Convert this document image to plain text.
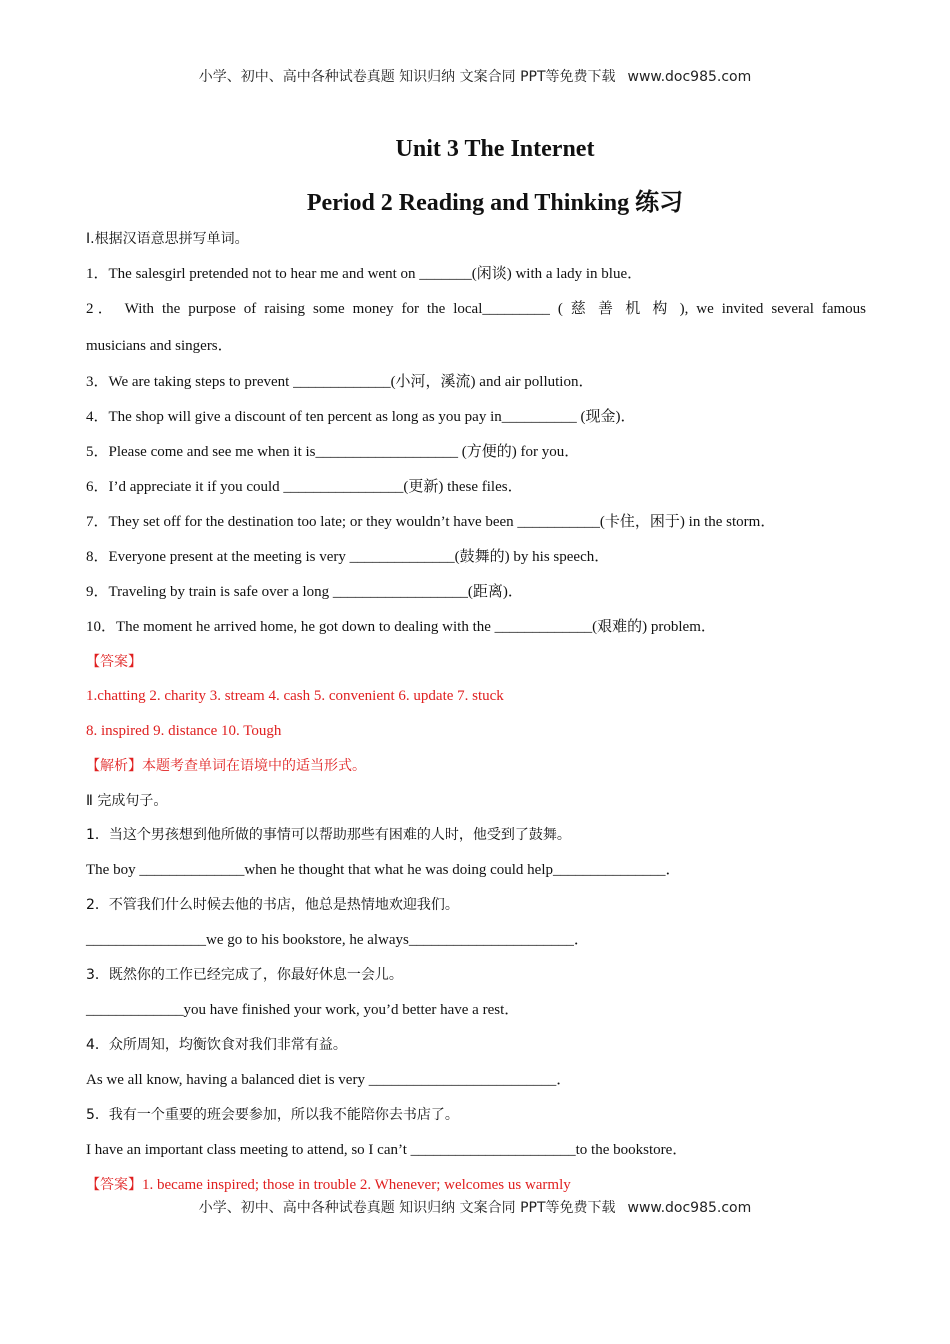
小学、初中、高中各种试卷真题 知识归纳 文案合同 PPT等免费下载 www.doc985.com
Unit 3 The Internet
Period 2 Reading and Thinking 练习
I.根据汉语意思拼写单词。
1．The salesgirl pretended not to hear me and went on _______(闲谈) with a lady in blue．
2． With the purpose of raising some money for the local_________ ( 慈 善 机 构 ), we invited several famous
musicians and singers．
3．We are taking steps to prevent _____________(小河，溪流) and air pollution．
4．The shop will give a discount of ten percent as long as you pay in__________ (现金)．
5．Please come and see me when it is___________________ (方便的) for you．
6．I’d appreciate it if you could ________________(更新) these files．
7．They set off for the destination too late; or they wouldn’t have been ___________(卡住，困于) in the storm．
8．Everyone present at the meeting is very ______________(鼓舞的) by his speech．
9．Traveling by train is safe over a long __________________(距离)．
10．The moment he arrived home, he got down to dealing with the _____________(艰难的) problem．
【答案】
1.chatting 2. charity 3. stream 4. cash 5. convenient 6. update 7. stuck
8. inspired 9. distance 10. Tough
【解析】本题考查单词在语境中的适当形式。
Ⅱ 完成句子。
1．当这个男孩想到他所做的事情可以帮助那些有困难的人时，他受到了鼓舞。
The boy ______________when he thought that what he was doing could help_______________．
2．不管我们什么时候去他的书店，他总是热情地欢迎我们。
________________we go to his bookstore, he always______________________．
3．既然你的工作已经完成了，你最好休息一会儿。
_____________you have finished your work, you’d better have a rest．
4．众所周知，均衡饮食对我们非常有益。
As we all know, having a balanced diet is very _________________________．
5．我有一个重要的班会要参加，所以我不能陪你去书店了。
I have an important class meeting to attend, so I can’t ______________________to the bookstore．
【答案】1. became inspired; those in trouble 2. Whenever; welcomes us warmly
小学、初中、高中各种试卷真题 知识归纳 文案合同 PPT等免费下载 www.doc985.com
